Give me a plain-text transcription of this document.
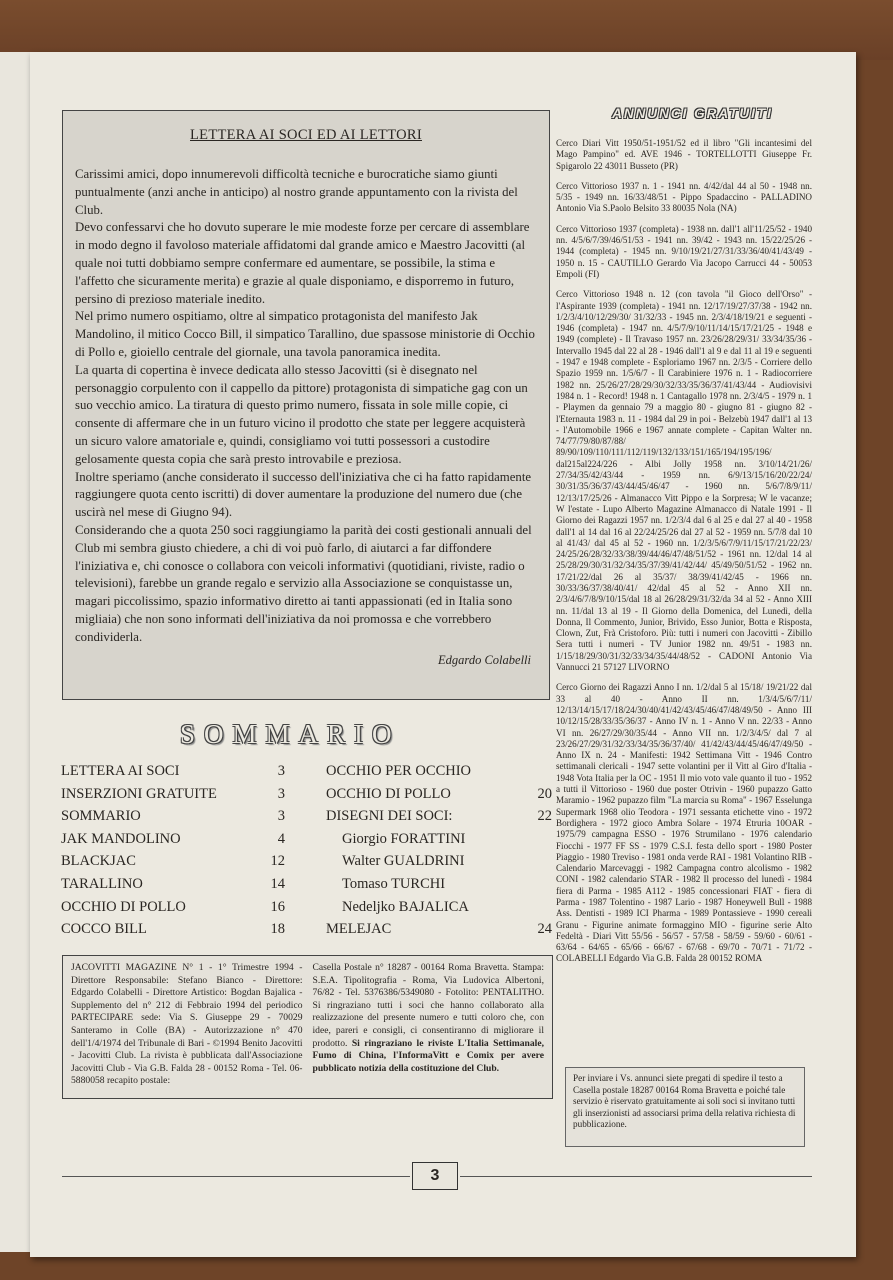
LETTERA AI SOCI ED AI LETTORI

Carissimi amici, dopo innumerevoli difficoltà tecniche e burocratiche siamo giunti puntualmente (anzi anche in anticipo) al nostro grande appuntamento con la rivista del Club.

Devo confessarvi che ho dovuto superare le mie modeste forze per cercare di assemblare in modo degno il favoloso materiale affidatomi dal grande amico e Maestro Jacovitti (al quale noi tutti dobbiamo sempre confermare ed aumentare, se possibile, la stima e l'affetto che sicuramente merita) e grazie al quale disponiamo, e disporremo in futuro, persino di prezioso materiale inedito.

Nel primo numero ospitiamo, oltre al simpatico protagonista del manifesto Jak Mandolino, il mitico Cocco Bill, il simpatico Tarallino, due spassose ministorie di Occhio di Pollo e, gioiello centrale del giornale, una tavola panoramica inedita.

La quarta di copertina è invece dedicata allo stesso Jacovitti (si è disegnato nel personaggio corpulento con il cappello da pittore) protagonista di simpatiche gag con un suo vecchio amico. La tiratura di questo primo numero, fissata in sole mille copie, ci consente di affermare che in un futuro vicino il prodotto che state per leggere acquisterà un sicuro valore amatoriale e, quindi, consigliamo voi tutti possessori a custodire gelosamente questa copia che sarà presto introvabile e preziosa.

Inoltre speriamo (anche considerato il successo dell'iniziativa che ci ha fatto rapidamente raggiungere quota cento iscritti) di dover aumentare la produzione del numero due (che uscirà nel mese di Giugno 94).

Considerando che a quota 250 soci raggiungiamo la parità dei costi gestionali annuali del Club mi sembra giusto chiedere, a chi di voi può farlo, di aiutarci a far diffondere l'iniziativa e, chi conosce o collabora con veicoli informativi (quotidiani, riviste, radio o televisioni), farebbe un grande regalo e servizio alla Associazione se conquistasse un, magari piccolissimo, spazio informativo diretto ai tanti appassionati (ed in Italia sono migliaia) che non sono informati dell'iniziativa da noi promossa e che vorrebbero condividerla.

Edgardo Colabelli
SOMMARIO
LETTERA AI SOCI	3
INSERZIONI GRATUITE	3
SOMMARIO	3
JAK MANDOLINO	4
BLACKJAC	12
TARALLINO	14
OCCHIO DI POLLO	16
COCCO BILL	18
OCCHIO PER OCCHIO
OCCHIO DI POLLO	20
DISEGNI DEI SOCI:	22
Giorgio FORATTINI
Walter GUALDRINI
Tomaso TURCHI
Nedeljko BAJALICA
MELEJAC	24
JACOVITTI MAGAZINE N° 1 - 1° Trimestre 1994 - Direttore Responsabile: Stefano Bianco - Direttore: Edgardo Colabelli - Direttore Artistico: Bogdan Bajalica - Supplemento del n° 212 di Febbraio 1994 del periodico PARTECIPARE sede: Via S. Giuseppe 29 - 70029 Santeramo in Colle (BA) - Autorizzazione n° 470 dell'1/4/1974 del Tribunale di Bari - ©1994 Benito Jacovitti - Jacovitti Club. La rivista è pubblicata dall'Associazione Jacovitti Club - Via G.B. Falda 28 - 00152 Roma - Tel. 06-5880058 recapito postale:
Casella Postale n° 18287 - 00164 Roma Bravetta. Stampa: S.E.A. Tipolitografia - Roma, Via Ludovica Albertoni, 76/82 - Tel. 5376386/5349080 - Fotolito: PENTALITHO. Si ringraziano tutti i soci che hanno collaborato alla realizzazione del presente numero e tutti coloro che, con idee, pareri e consigli, ci consentiranno di migliorare il prodotto. Si ringraziano le riviste L'Italia Settimanale, Fumo di China, l'InformaVitt e Comix per avere pubblicato notizia della costituzione del Club.
3
ANNUNCI GRATUITI
Cerco Diari Vitt 1950/51-1951/52 ed il libro "Gli incantesimi del Mago Pampino" ed. AVE 1946 - TORTELLOTTI Giuseppe Fr. Spigarolo 22 43011 Busseto (PR)
Cerco Vittorioso 1937 n. 1 - 1941 nn. 4/42/dal 44 al 50 - 1948 nn. 5/35 - 1949 nn. 16/33/48/51 - Pippo Spadaccino - PALLADINO Antonio Via S.Paolo Belsito 33 80035 Nola (NA)
Cerco Vittorioso 1937 (completa) - 1938 nn. dall'1 all'11/25/52 - 1940 nn. 4/5/6/7/39/46/51/53 - 1941 nn. 39/42 - 1943 nn. 15/22/25/26 - 1944 (completa) - 1945 nn. 9/10/19/21/27/31/33/36/40/41/43/49 - 1950 n. 15 - CAUTILLO Gerardo Via Jacopo Carrucci 44 - 50053 Empoli (FI)
Cerco Vittorioso 1948 n. 12 (con tavola "il Gioco dell'Orso" - l'Aspirante 1939 (completa) - 1941 nn. 12/17/19/27/37/38 - 1942 nn. 1/2/3/4/10/12/29/30/ 31/32/33 - 1945 nn. 2/3/4/18/19/21 e seguenti - 1946 (completa) - 1947 nn. 4/5/7/9/10/11/14/15/17/21/25 - 1948 e 1949 (complete) - Il Travaso 1957 nn. 23/26/28/29/31/ 33/34/35/36 - Intervallo 1945 dal 22 al 28 - 1946 dall'1 al 9 e dal 11 al 19 e seguenti - 1947 e 1948 complete - Esploriamo 1967 nn. 2/3/5 - Corriere dello Spazio 1959 nn. 1/5/6/7 - Il Carabiniere 1976 n. 1 - Radiocorriere 1982 nn. 25/26/27/28/29/30/32/33/35/36/37/41/43/44 - Audiovisivi 1984 n. 1 - Record! 1948 n. 1 Cantagallo 1978 nn. 2/3/4/5 - 1979 n. 1 - Playmen da gennaio 79 a maggio 80 - giugno 81 - giugno 82 - l'Eternauta 1983 n. 11 - 1984 dal 29 in poi - Belzebù 1947 dall'1 al 13 - l'Automobile 1966 e 1967 annate complete - Capitan Walter nn. 74/77/79/80/87/88/ 89/90/109/110/111/112/119/132/133/151/165/194/195/196/ dal215al224/226 - Albi Jolly 1958 nn. 3/10/14/21/26/ 27/34/35/42/43/44 - 1959 nn. 6/9/13/15/16/20/22/24/ 30/31/35/36/37/43/44/45/46/47 - 1960 nn. 5/6/7/8/9/11/ 12/13/17/25/26 - Almanacco Vitt Pippo e la Sorpresa; W le vacanze; W l'estate - Lupo Alberto Magazine Almanacco di Natale 1991 - Il Giorno dei Ragazzi 1957 nn. 1/2/3/4 dal 6 al 25 e dal 27 al 40 - 1958 dall'1 al 14 dal 16 al 22/24/25/26 dal 27 al 52 - 1959 nn. 5/7/8 dal 10 al 41/43/ dal 45 al 52 - 1960 nn. 1/2/3/5/6/7/9/11/15/17/21/22/23/ 24/25/26/28/32/33/38/39/44/46/47/48/51/52 - 1961 nn. 12/dal 14 al 25/28/29/30/31/32/34/35/37/39/41/42/44/ 45/49/50/51/52 - 1962 nn. 17/21/22/dal 26 al 35/37/ 38/39/41/42/45 - 1966 nn. 30/33/36/37/38/40/41/ 42/dal 45 al 52 - Anno XII nn. 2/3/4/6/7/8/9/10/15/dal 18 al 26/28/29/31/32/da 34 al 52 - Anno XIII nn. 11/dal 13 al 19 - Il Giorno della Domenica, del Lunedì, della Donna, Il Commento, Junior, Brivido, Esso Junior, Botta e Risposta, Clown, Zut, Frà Cristoforo. Più: tutti i numeri con Jacovitti - Zibillo Sera tutti i numeri - TV Junior 1982 nn. 49/51 - 1983 nn. 1/15/18/29/30/31/32/33/34/35/44/48/52 - CADONI Antonio Via Vannucci 21 57127 LIVORNO
Cerco Giorno dei Ragazzi Anno I nn. 1/2/dal 5 al 15/18/ 19/21/22 dal 33 al 40 - Anno II nn. 1/3/4/5/6/7/11/ 12/13/14/15/17/18/24/30/40/41/42/43/45/46/47/48/49/50 - Anno III 10/12/15/28/33/35/36/37 - Anno IV n. 1 - Anno V nn. 22/33 - Anno VI nn. 26/27/29/30/35/44 - Anno VII nn. 1/2/3/4/5/ dal 7 al 23/26/27/29/31/32/33/34/35/36/37/40/ 41/42/43/44/45/46/47/49/50 - Anno IX n. 24 - Manifesti: 1942 Settimana Vitt - 1946 Contro settimanali clericali - 1947 sette volantini per il Vitt al Giro d'Italia - 1948 Vota Italia per la OC - 1951 Il mio voto vale quanto il tuo - 1952 a tutti il Vittorioso - 1960 due poster Otrivin - 1960 pupazzo Gatto Maramio - 1962 pupazzo film "La marcia su Roma" - 1967 Esselunga Supermark 1968 olio Teodora - 1971 sessanta etichette vino - 1972 Bordighera - 1972 gioco Ambra Solare - 1974 Etruria 10OAR - 1975/79 campagna ESSO - 1976 Strumilano - 1976 calendario Fiocchi - 1977 FF SS - 1979 C.S.I. festa dello sport - 1980 Poster Piaggio - 1980 Treviso - 1981 onda verde RAI - 1981 Volantino RIB - Calendario Marcevaggi - 1982 Campagna contro alcolismo - 1982 CONI - 1982 calendario STAR - 1982 Il processo del lunedì - 1984 fiera di Parma - 1985 A112 - 1985 concessionari FIAT - fiera di Parma - 1987 Tolentino - 1987 Lario - 1987 Honeywell Bull - 1988 Ass. Dentisti - 1989 ICI Pharma - 1989 Pontassieve - 1990 cereali Granu - Figurine animate formaggino MIO - figurine serie Alto Fedeltà - Diari Vitt 55/56 - 56/57 - 57/58 - 58/59 - 59/60 - 60/61 - 63/64 - 64/65 - 65/66 - 66/67 - 67/68 - 69/70 - 70/71 - 71/72 - COLABELLI Edgardo Via G.B. Falda 28 00152 ROMA
Per inviare i Vs. annunci siete pregati di spedire il testo a Casella postale 18287 00164 Roma Bravetta e poiché tale servizio è riservato gratuitamente ai soli soci si invitano tutti gli inserzionisti ad associarsi prima della relativa richiesta di pubblicazione.
